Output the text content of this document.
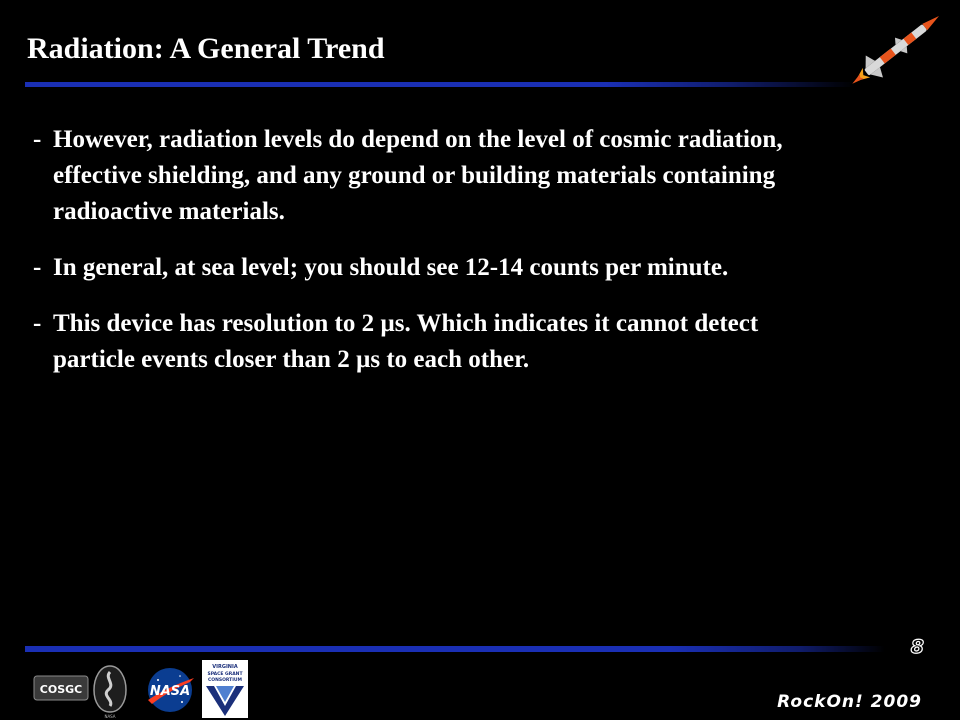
Radiation: A General Trend
- However, radiation levels do depend on the level of cosmic radiation, effective shielding, and any ground or building materials containing radioactive materials.
- In general, at sea level; you should see 12-14 counts per minute.
- This device has resolution to 2 µs. Which indicates it cannot detect particle events closer than 2 µs to each other.
8
COSGC
NASA
NASA
VIRGINIA
SPACE GRANT
CONSORTIUM
RockOn! 2009
